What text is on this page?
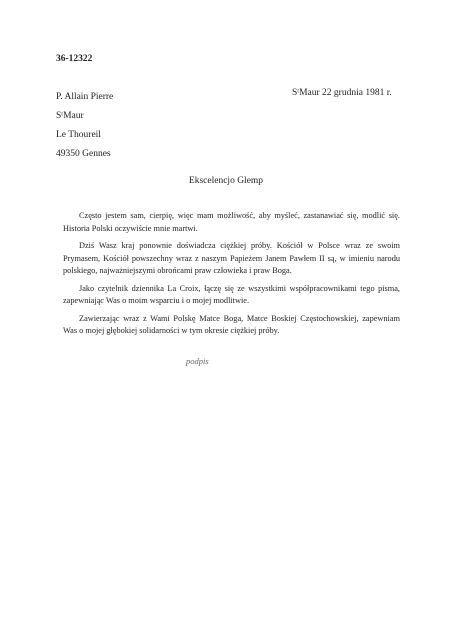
36-12322
P. Allain Pierre
SᵗMaur
Le Thoureil
49350 Gennes
SᵗMaur 22 grudnia 1981 r.
Ekscelencjo Glemp

Często jestem sam, cierpię, więc mam możliwość, aby myśleć, zastanawiać się, modlić się. Historia Polski oczywiście mnie martwi.

Dziś Wasz kraj ponownie doświadcza ciężkiej próby. Kościół w Polsce wraz ze swoim Prymasem, Kościół powszechny wraz z naszym Papieżem Janem Pawłem II są, w imieniu narodu polskiego, najważniejszymi obrońcami praw człowieka i praw Boga.

Jako czytelnik dziennika La Croix, łączę się ze wszystkimi współpracownikami tego pisma, zapewniając Was o moim wsparciu i o mojej modlitwie.

Zawierzając wraz z Wami Polskę Matce Boga, Matce Boskiej Częstochowskiej, zapewniam Was o mojej głębokiej solidarności w tym okresie ciężkiej próby.

podpis
